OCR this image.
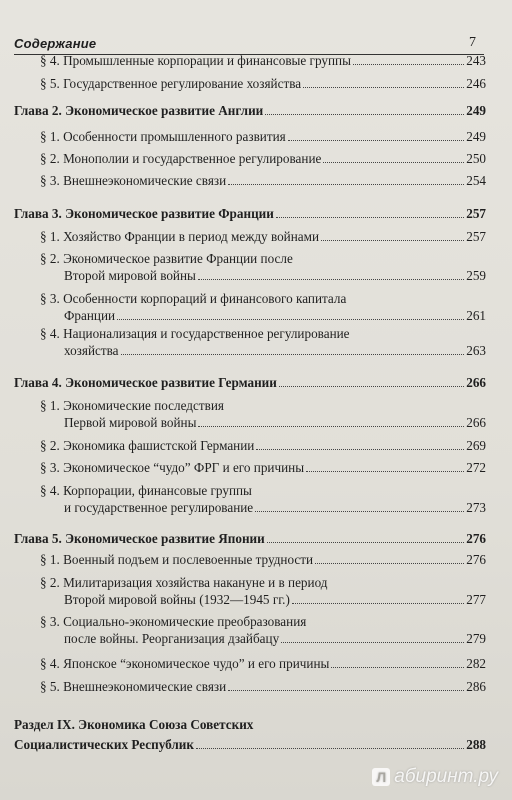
Содержание	7
§ 4. Промышленные корпорации и финансовые группы	243
§ 5. Государственное регулирование хозяйства	246
Глава 2. Экономическое развитие Англии	249
§ 1. Особенности промышленного развития	249
§ 2. Монополии и государственное регулирование	250
§ 3. Внешнеэкономические связи	254
Глава 3. Экономическое развитие Франции	257
§ 1. Хозяйство Франции в период между войнами	257
§ 2. Экономическое развитие Франции после
Второй мировой войны	259
§ 3. Особенности корпораций и финансового капитала
Франции	261
§ 4. Национализация и государственное регулирование
хозяйства	263
Глава 4. Экономическое развитие Германии	266
§ 1. Экономические последствия
Первой мировой войны	266
§ 2. Экономика фашистской Германии	269
§ 3. Экономическое “чудо” ФРГ и его причины	272
§ 4. Корпорации, финансовые группы
и государственное регулирование	273
Глава 5. Экономическое развитие Японии	276
§ 1. Военный подъем и послевоенные трудности	276
§ 2. Милитаризация хозяйства накануне и в период
Второй мировой войны (1932—1945 гг.)	277
§ 3. Социально-экономические преобразования
после войны. Реорганизация дзайбацу	279
§ 4. Японское “экономическое чудо” и его причины	282
§ 5. Внешнеэкономические связи	286
Раздел IX. Экономика Союза Советских
Социалистических Республик	288
Л абиринт.ру
